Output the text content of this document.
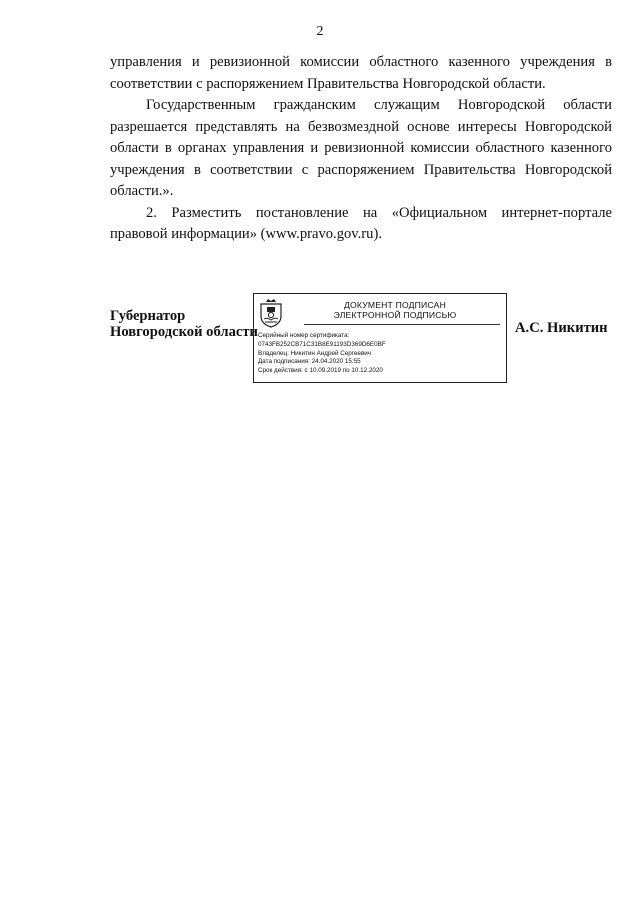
2

управления и ревизионной комиссии областного казенного учреждения в соответствии с распоряжением Правительства Новгородской области.

Государственным гражданским служащим Новгородской области разрешается представлять на безвозмездной основе интересы Новгородской области в органах управления и ревизионной комиссии областного казенного учреждения в соответствии с распоряжением Правительства Новгородской области.».

2. Разместить постановление на «Официальном интернет-портале правовой информации» (www.pravo.gov.ru).

Губернатор
Новгородской области
ДОКУМЕНТ ПОДПИСАН
ЭЛЕКТРОННОЙ ПОДПИСЬЮ
Серийный номер сертификата:
0743FB252CB71C31B8E91193D369D6E0BF
Владелец: Никитин Андрей Сергеевич
Дата подписания: 24.04.2020 15:55
Срок действия: с 10.09.2019 по 10.12.2020
А.С. Никитин
